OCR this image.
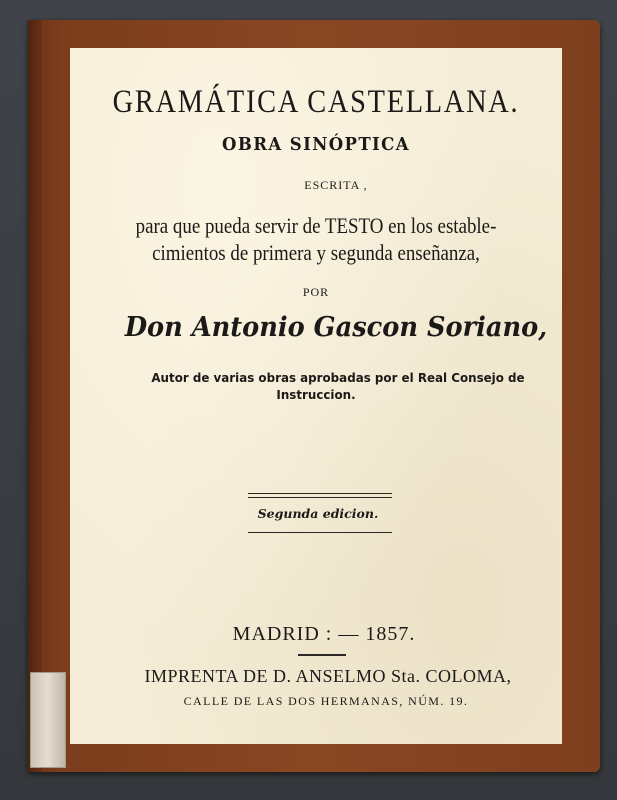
GRAMÁTICA CASTELLANA.
OBRA SINÓPTICA
ESCRITA ,
para que pueda servir de TESTO en los estable-
cimientos de primera y segunda enseñanza,
POR
Don Antonio Gascon Soriano,
Autor de varias obras aprobadas por el Real Consejo de
Instruccion.
Segunda edicion.
MADRID : — 1857.
IMPRENTA DE D. ANSELMO Sta. COLOMA,
CALLE DE LAS DOS HERMANAS, NÚM. 19.
